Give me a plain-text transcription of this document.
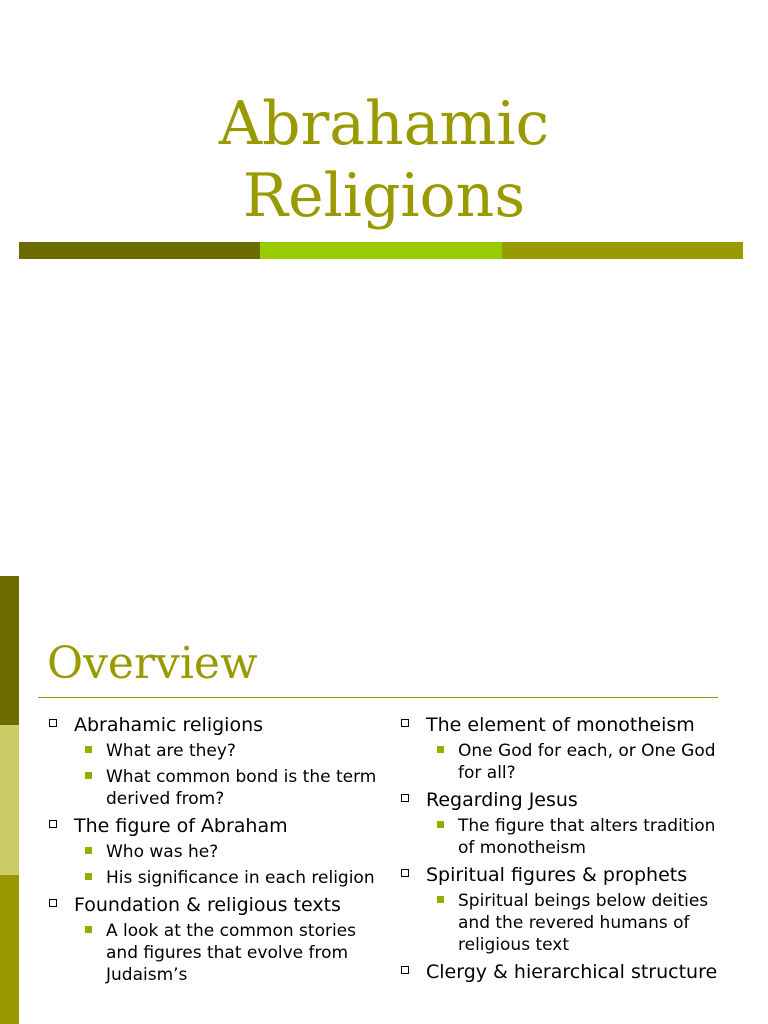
Abrahamic
Religions
Overview
Abrahamic religions
What are they?
What common bond is the term derived from?
The figure of Abraham
Who was he?
His significance in each religion
Foundation & religious texts
A look at the common stories and figures that evolve from Judaism’s
The element of monotheism
One God for each, or One God for all?
Regarding Jesus
The figure that alters tradition of monotheism
Spiritual figures & prophets
Spiritual beings below deities and the revered humans of religious text
Clergy & hierarchical structure
